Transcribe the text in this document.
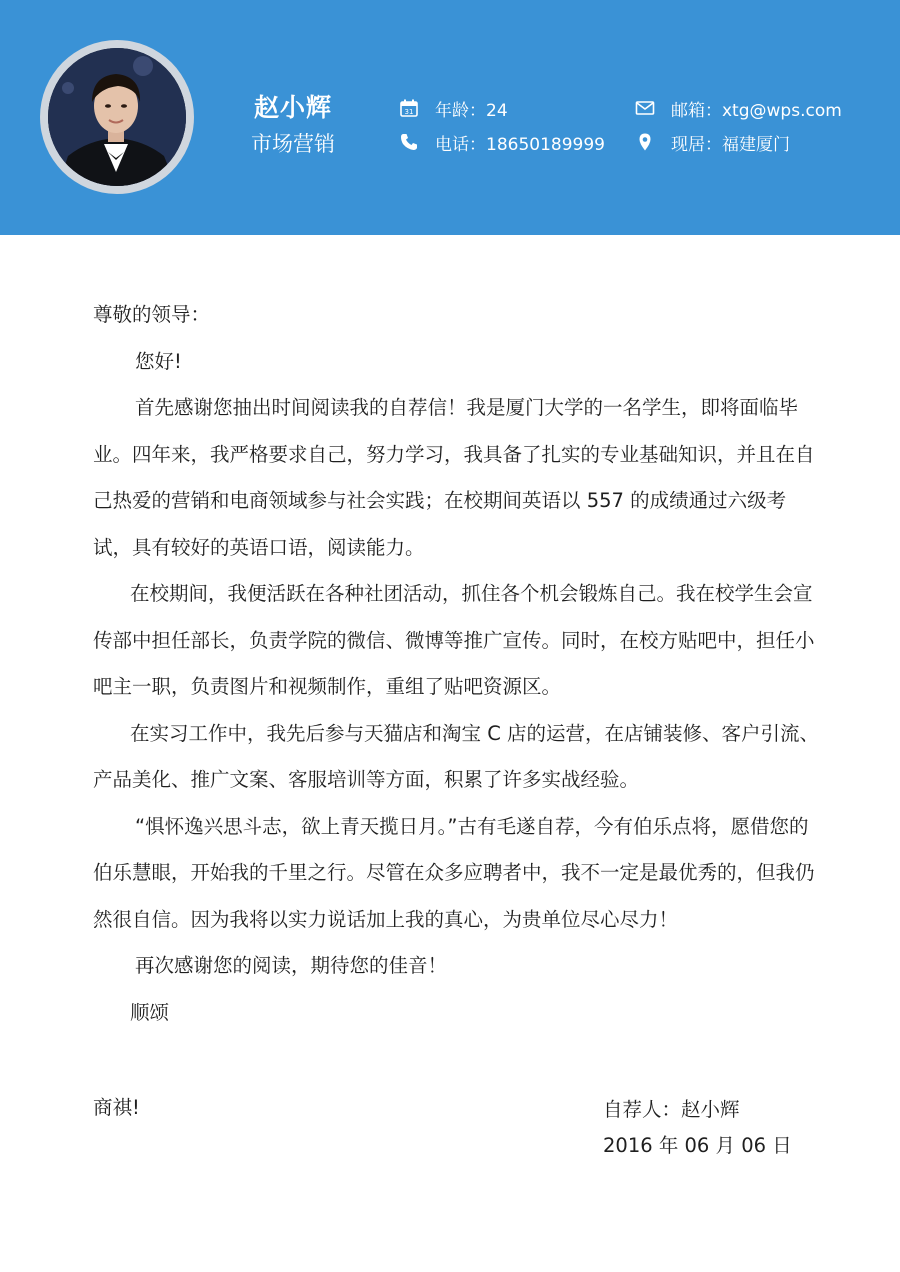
赵小辉
市场营销
31 年龄：24
电话：18650189999
邮箱：xtg@wps.com
现居：福建厦门

尊敬的领导：

您好!

首先感谢您抽出时间阅读我的自荐信！我是厦门大学的一名学生，即将面临毕业。四年来，我严格要求自己，努力学习，我具备了扎实的专业基础知识，并且在自己热爱的营销和电商领域参与社会实践；在校期间英语以 557 的成绩通过六级考试，具有较好的英语口语，阅读能力。

在校期间，我便活跃在各种社团活动，抓住各个机会锻炼自己。我在校学生会宣传部中担任部长，负责学院的微信、微博等推广宣传。同时，在校方贴吧中，担任小吧主一职，负责图片和视频制作，重组了贴吧资源区。

在实习工作中，我先后参与天猫店和淘宝 C 店的运营，在店铺装修、客户引流、产品美化、推广文案、客服培训等方面，积累了许多实战经验。

“惧怀逸兴思斗志，欲上青天揽日月。”古有毛遂自荐，今有伯乐点将，愿借您的伯乐慧眼，开始我的千里之行。尽管在众多应聘者中，我不一定是最优秀的，但我仍然很自信。因为我将以实力说话加上我的真心，为贵单位尽心尽力！

再次感谢您的阅读，期待您的佳音！

顺颂

商祺!	自荐人：赵小辉
2016 年 06 月 06 日
